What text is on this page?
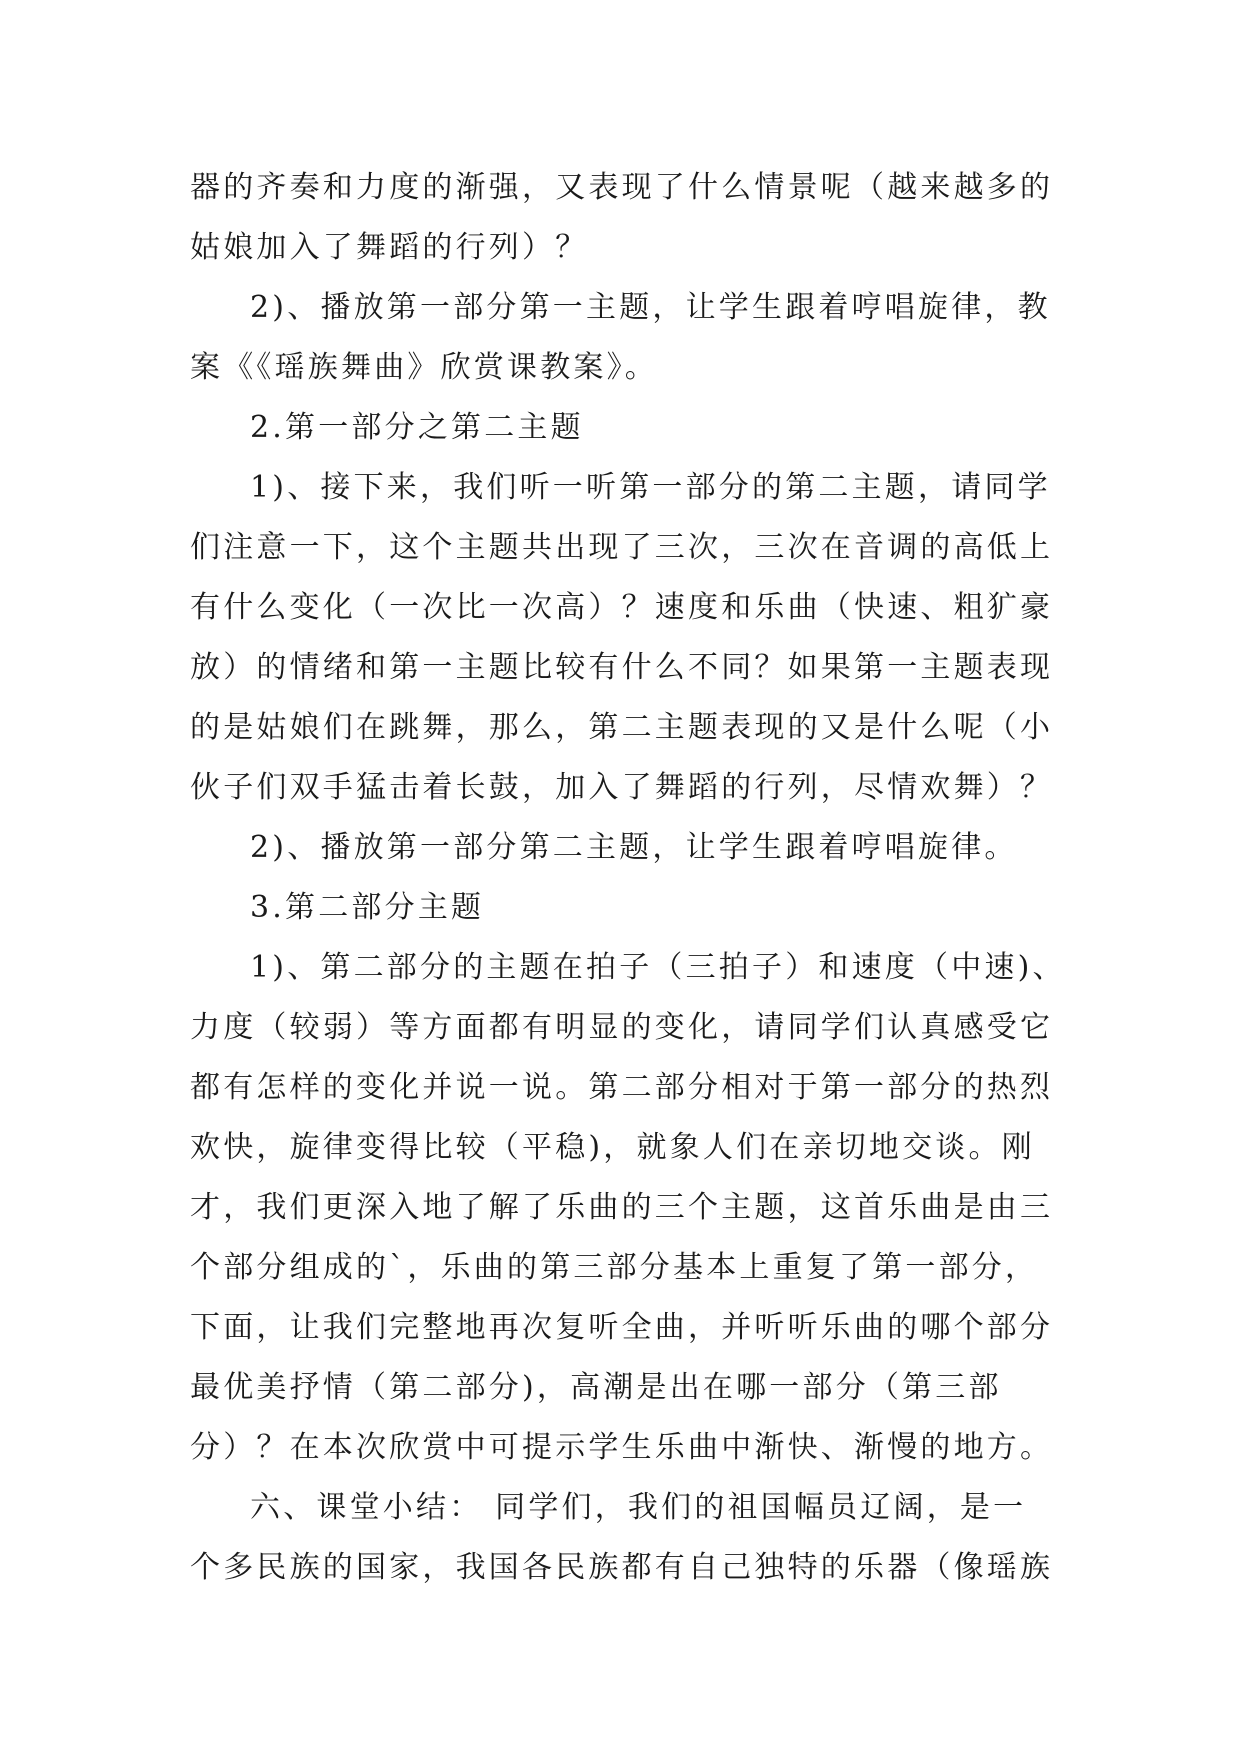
器的齐奏和力度的渐强，又表现了什么情景呢（越来越多的
姑娘加入了舞蹈的行列）？
2)、播放第一部分第一主题，让学生跟着哼唱旋律，教
案《《瑶族舞曲》欣赏课教案》。
2.第一部分之第二主题
1)、接下来，我们听一听第一部分的第二主题，请同学
们注意一下，这个主题共出现了三次，三次在音调的高低上
有什么变化（一次比一次高）？速度和乐曲（快速、粗犷豪
放）的情绪和第一主题比较有什么不同？如果第一主题表现
的是姑娘们在跳舞，那么，第二主题表现的又是什么呢（小
伙子们双手猛击着长鼓，加入了舞蹈的行列，尽情欢舞）？
2)、播放第一部分第二主题，让学生跟着哼唱旋律。
3.第二部分主题
1)、第二部分的主题在拍子（三拍子）和速度（中速)、
力度（较弱）等方面都有明显的变化，请同学们认真感受它
都有怎样的变化并说一说。第二部分相对于第一部分的热烈
欢快，旋律变得比较（平稳)，就象人们在亲切地交谈。刚
才，我们更深入地了解了乐曲的三个主题，这首乐曲是由三
个部分组成的`，乐曲的第三部分基本上重复了第一部分，
下面，让我们完整地再次复听全曲，并听听乐曲的哪个部分
最优美抒情（第二部分)，高潮是出在哪一部分（第三部
分）？在本次欣赏中可提示学生乐曲中渐快、渐慢的地方。
六、课堂小结： 同学们，我们的祖国幅员辽阔，是一
个多民族的国家，我国各民族都有自己独特的乐器（像瑶族
